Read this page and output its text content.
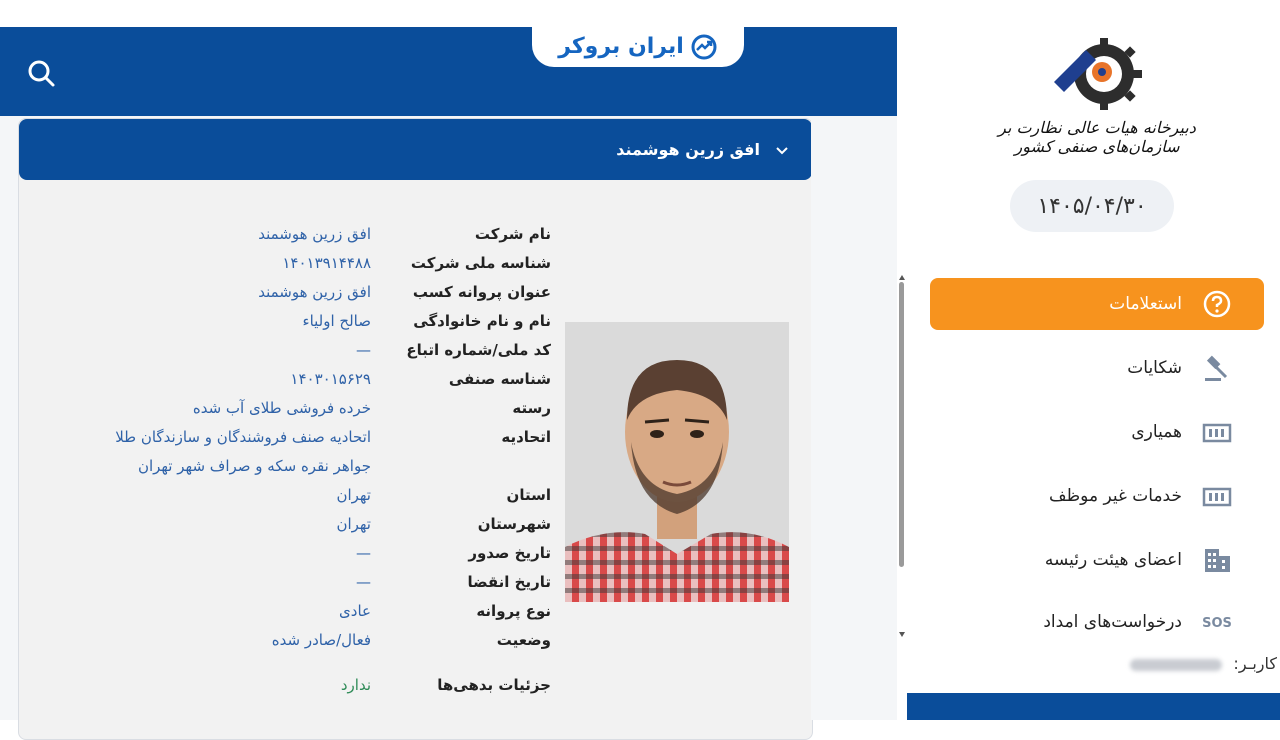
ایران بروکر
افق زرین هوشمند
نام شرکت
افق زرین هوشمند
شناسه ملی شرکت
۱۴۰۱۳۹۱۴۴۸۸
عنوان پروانه کسب
افق زرین هوشمند
نام و نام خانوادگی
صالح اولیاء
کد ملی/شماره اتباع
—
شناسه صنفی
۱۴۰۳۰۱۵۶۲۹
رسته
خرده فروشی طلای آب شده
اتحادیه
اتحادیه صنف فروشندگان و سازندگان طلا
جواهر نقره سکه و صراف شهر تهران
استان
تهران
شهرستان
تهران
تاریخ صدور
—
تاریخ انقضا
—
نوع پروانه
عادی
وضعیت
فعال/صادر شده
جزئیات بدهی‌ها
ندارد
دبیرخانه هیات عالی نظارت بر سازمان‌های صنفی کشور
۱۴۰۵/۰۴/۳۰
استعلامات
شکایات
همیاری
خدمات غیر موظف
اعضای هیئت رئیسه
درخواست‌های امداد SOS
کاربـر:
